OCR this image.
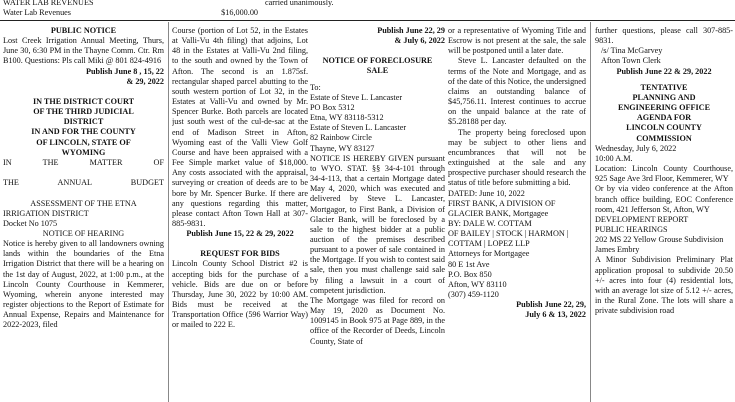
WATER LAB REVENUES
Water Lab Revenues	$16,000.00
carried unanimously.

PUBLIC NOTICE

Lost Creek Irrigation Annual Meeting, Thurs, June 30, 6:30 PM in the Thayne Comm. Ctr. Rm B100. Questions: Pls call Miki @ 801 824-4916

Publish June 8 , 15, 22

& 29, 2022

IN THE DISTRICT COURT

OF THE THIRD JUDICIAL

DISTRICT

IN AND FOR THE COUNTY

OF LINCOLN, STATE OF

WYOMING

IN THE MATTER OF

THE ANNUAL BUDGET

ASSESSMENT OF THE ETNA

IRRIGATION DISTRICT

Docket No 1075

NOTICE OF HEARING

Notice is hereby given to all landowners owning lands within the boundaries of the Etna Irrigation District that there will be a hearing on the 1st day of August, 2022, at 1:00 p.m., at the Lincoln County Courthouse in Kemmerer, Wyoming, wherein anyone interested may register objections to the Report of Estimate for Annual Expense, Repairs and Maintenance for 2022-2023, filed

Course (portion of Lot 52, in the Estates at Valli-Vu 4th filing) that adjoins, Lot 48 in the Estates at Valli-Vu 2nd filing, to the south and owned by the Town of Afton. The second is an 1.875sf. rectangular shaped parcel abutting to the south western portion of Lot 32, in the Estates at Valli-Vu and owned by Mr. Spencer Burke. Both parcels are located just south west of the cul-de-sac at the end of Madison Street in Afton, Wyoming east of the Valli View Golf Course and have been appraised with a Fee Simple market value of $18,000. Any costs associated with the appraisal, surveying or creation of deeds are to be bore by Mr. Spencer Burke. If there are any questions regarding this matter, please contact Afton Town Hall at 307-885-9831.

Publish June 15, 22 & 29, 2022

REQUEST FOR BIDS

Lincoln County School District #2 is accepting bids for the purchase of a vehicle. Bids are due on or before Thursday, June 30, 2022 by 10:00 AM. Bids must be received at the Transportation Office (596 Warrior Way) or mailed to 222 E.

Publish June 22, 29

& July 6, 2022

NOTICE OF FORECLOSURE

SALE

To:

Estate of Steve L. Lancaster

PO Box 5312

Etna, WY 83118-5312

Estate of Steven L. Lancaster

82 Rainbow Circle

Thayne, WY 83127

NOTICE IS HEREBY GIVEN pursuant to WYO. STAT. §§ 34-4-101 through 34-4-113, that a certain Mortgage dated May 4, 2020, which was executed and delivered by Steve L. Lancaster, Mortgagor, to First Bank, a Division of Glacier Bank, will be foreclosed by a sale to the highest bidder at a public auction of the premises described pursuant to a power of sale contained in the Mortgage. If you wish to contest said sale, then you must challenge said sale by filing a lawsuit in a court of competent jurisdiction.

The Mortgage was filed for record on May 19, 2020 as Document No. 1009145 in Book 975 at Page 889, in the office of the Recorder of Deeds, Lincoln County, State of

or a representative of Wyoming Title and Escrow is not present at the sale, the sale will be postponed until a later date.

Steve L. Lancaster defaulted on the terms of the Note and Mortgage, and as of the date of this Notice, the undersigned claims an outstanding balance of $45,756.11. Interest continues to accrue on the unpaid balance at the rate of $5.28188 per day.

The property being foreclosed upon may be subject to other liens and encumbrances that will not be extinguished at the sale and any prospective purchaser should research the status of title before submitting a bid.

DATED: June 10, 2022

FIRST BANK, A DIVISION OF GLACIER BANK, Mortgagee

BY: DALE W. COTTAM

OF BAILEY | STOCK | HARMON | COTTAM | LOPEZ LLP

Attorneys for Mortgagee

80 E 1st Ave

P.O. Box 850

Afton, WY 83110

(307) 459-1120

Publish June 22, 29,

July 6 & 13, 2022

further questions, please call 307-885-9831.

/s/ Tina McGarvey

Afton Town Clerk

Publish June 22 & 29, 2022

TENTATIVE

PLANNING AND

ENGINEERING OFFICE

AGENDA FOR

LINCOLN COUNTY

COMMISSION

Wednesday, July 6, 2022

10:00 A.M.

Location: Lincoln County Courthouse, 925 Sage Ave 3rd Floor, Kemmerer, WY

Or by via video conference at the Afton branch office building, EOC Conference room, 421 Jefferson St, Afton, WY

DEVELOPMENT REPORT

PUBLIC HEARINGS

202 MS 22 Yellow Grouse Subdivision

James Embry

A Minor Subdivision Preliminary Plat application proposal to subdivide 20.50 +/- acres into four (4) residential lots, with an average lot size of 5.12 +/- acres, in the Rural Zone. The lots will share a private subdivision road
